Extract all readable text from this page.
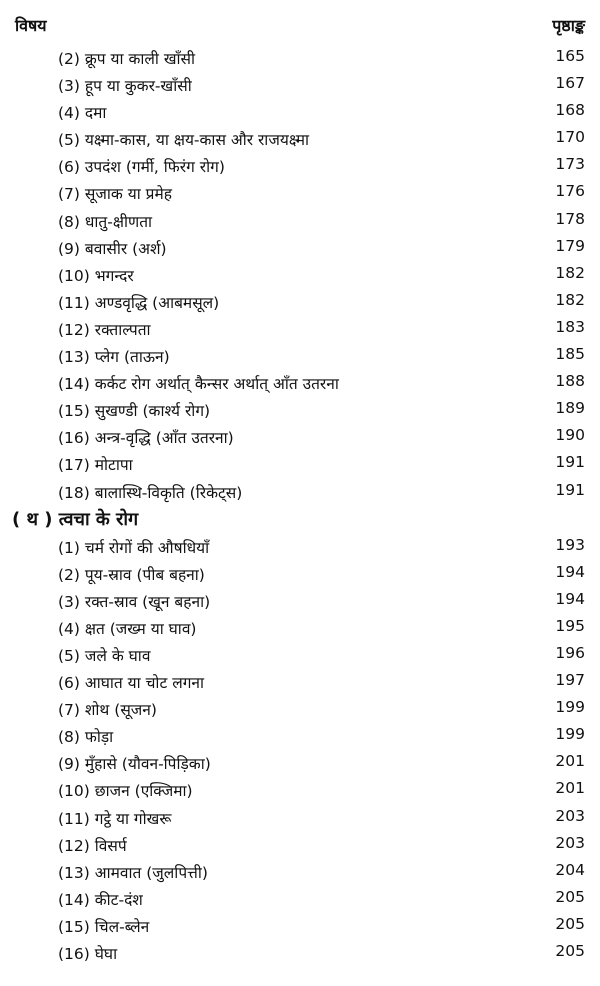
विषय	पृष्ठाङ्क
(2) क्रूप या काली खाँसी	165
(3) हूप या कुकर-खाँसी	167
(4) दमा	168
(5) यक्ष्मा-कास, या क्षय-कास और राजयक्ष्मा	170
(6) उपदंश (गर्मी, फिरंग रोग)	173
(7) सूजाक या प्रमेह	176
(8) धातु-क्षीणता	178
(9) बवासीर (अर्श)	179
(10) भगन्दर	182
(11) अण्डवृद्धि (आबमसूल)	182
(12) रक्ताल्पता	183
(13) प्लेग (ताऊन)	185
(14) कर्कट रोग अर्थात् कैन्सर अर्थात् आँत उतरना	188
(15) सुखण्डी (कार्श्य रोग)	189
(16) अन्त्र-वृद्धि (आँत उतरना)	190
(17) मोटापा	191
(18) बालास्थि-विकृति (रिकेट्स)	191
( थ ) त्वचा के रोग
(1) चर्म रोगों की औषधियाँ	193
(2) पूय-स्राव (पीब बहना)	194
(3) रक्त-स्राव (खून बहना)	194
(4) क्षत (जख्म या घाव)	195
(5) जले के घाव	196
(6) आघात या चोट लगना	197
(7) शोथ (सूजन)	199
(8) फोड़ा	199
(9) मुँहासे (यौवन-पिड़िका)	201
(10) छाजन (एक्जिमा)	201
(11) गट्ठे या गोखरू	203
(12) विसर्प	203
(13) आमवात (जुलपित्ती)	204
(14) कीट-दंश	205
(15) चिल-ब्लेन	205
(16) घेघा	205
